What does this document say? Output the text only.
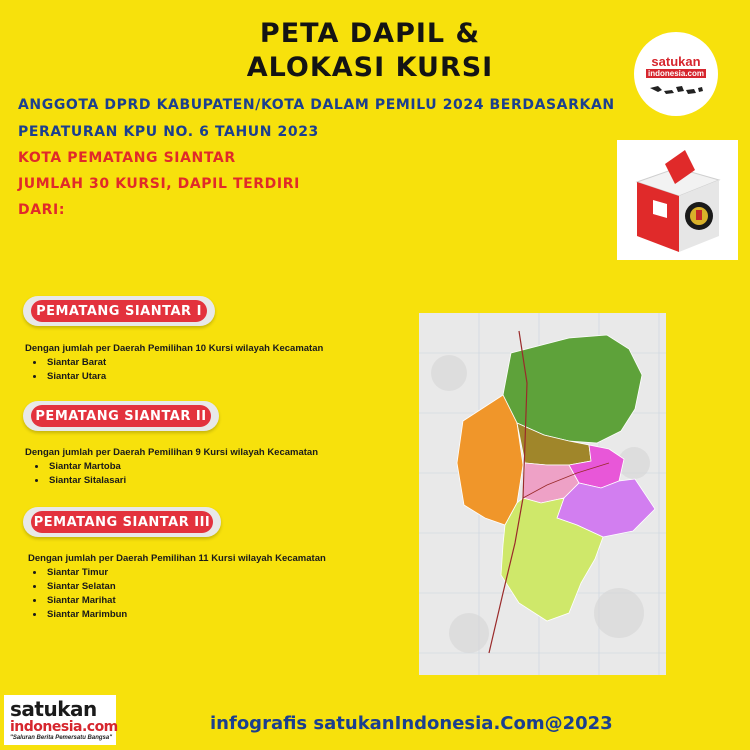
PETA DAPIL &
ALOKASI KURSI	satukan
indonesia.com
ANGGOTA DPRD KABUPATEN/KOTA DALAM PEMILU 2024 BERDASARKAN
PERATURAN KPU NO. 6 TAHUN 2023
KOTA PEMATANG SIANTAR
JUMLAH 30 KURSI, DAPIL TERDIRI
DARI:
PEMATANG SIANTAR I
Dengan jumlah per Daerah Pemilihan 10 Kursi wilayah Kecamatan
• Siantar Barat
• Siantar Utara
PEMATANG SIANTAR II
Dengan jumlah per Daerah Pemilihan 9 Kursi wilayah Kecamatan
• Siantar Martoba
• Siantar Sitalasari
PEMATANG SIANTAR III
Dengan jumlah per Daerah Pemilihan 11 Kursi wilayah Kecamatan
• Siantar Timur
• Siantar Selatan
• Siantar Marihat
• Siantar Marimbun
satukan
indonesia.com
"Saluran Berita Pemersatu Bangsa"
infografis satukanIndonesia.Com@2023
